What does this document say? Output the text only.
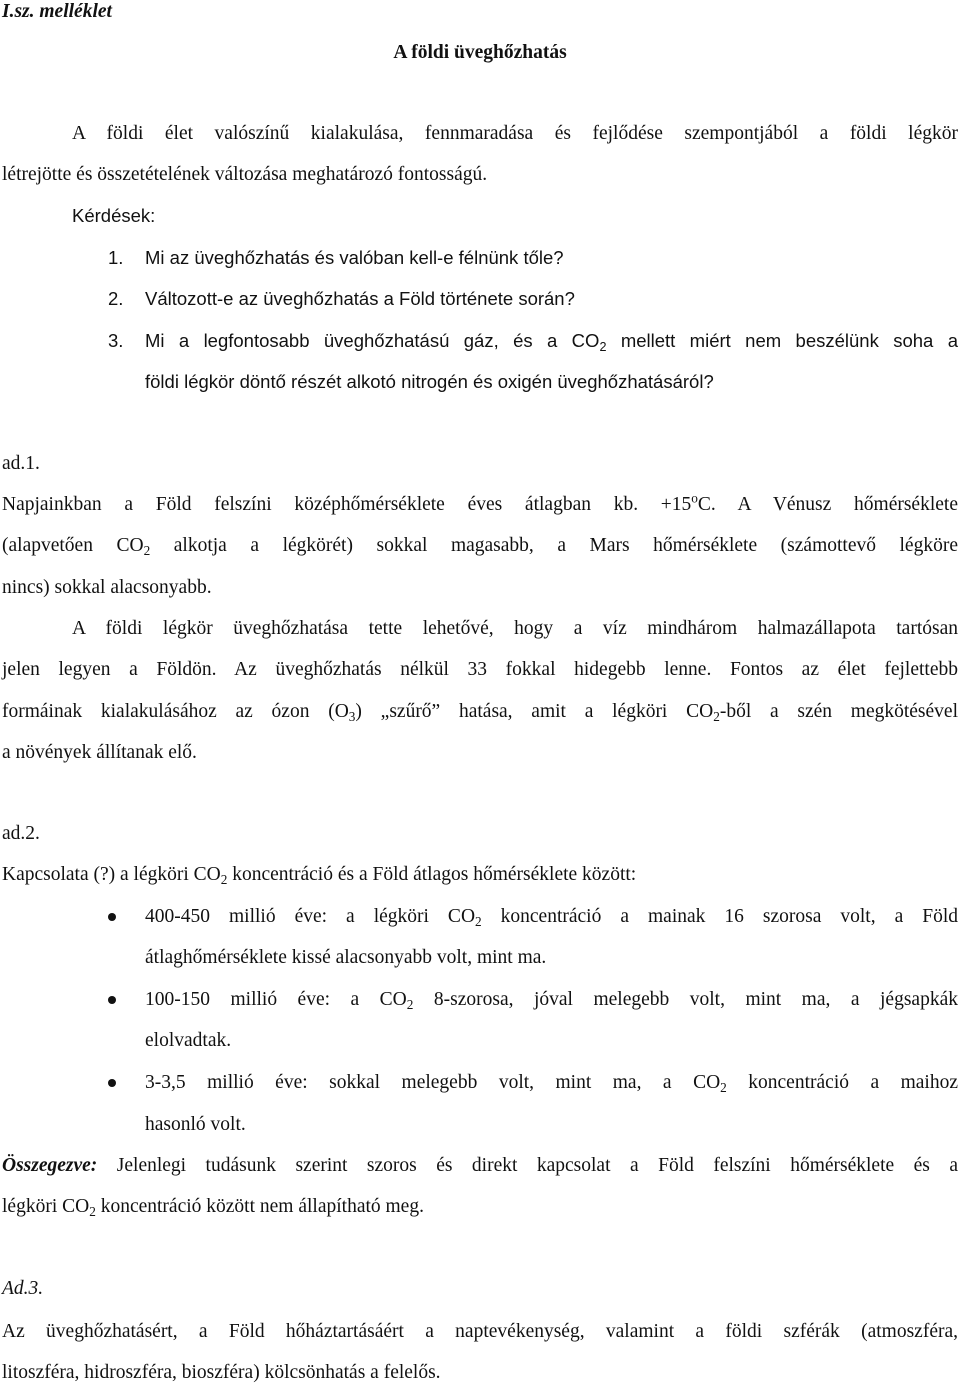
I.sz. melléklet
A földi üveghőzhatás
A földi élet valószínű kialakulása, fennmaradása és fejlődése szempontjából a földi légkör
létrejötte és összetételének változása meghatározó fontosságú.
Kérdések:
1. Mi az üveghőzhatás és valóban kell-e félnünk tőle?
2. Változott-e az üveghőzhatás a Föld története során?
3. Mi a legfontosabb üveghőzhatású gáz, és a $CO_2$ mellett miért nem beszélünk soha a
földi légkör döntő részét alkotó nitrogén és oxigén üveghőzhatásáról?
ad.1.
Napjainkban a Föld felszíni középhőmérséklete éves átlagban kb. $+15^oC$. A Vénusz hőmérséklete
(alapvetően $CO_2$ alkotja a légkörét) sokkal magasabb, a Mars hőmérséklete (számottevő légköre
nincs) sokkal alacsonyabb.
A földi légkör üveghőzhatása tette lehetővé, hogy a víz mindhárom halmazállapota tartósan
jelen legyen a Földön. Az üveghőzhatás nélkül 33 fokkal hidegebb lenne. Fontos az élet fejlettebb
formáinak kialakulásához az ózon $(O_3)$ „szűrő” hatása, amit a légköri $CO_2$-ből a szén megkötésével
a növények állítanak elő.
ad.2.
Kapcsolata (?) a légköri $CO_2$ koncentráció és a Föld átlagos hőmérséklete között:
400-450 millió éve: a légköri $CO_2$ koncentráció a mainak 16 szorosa volt, a Föld
átlaghőmérséklete kissé alacsonyabb volt, mint ma.
100-150 millió éve: a $CO_2$ 8-szorosa, jóval melegebb volt, mint ma, a jégsapkák
elolvadtak.
3-3,5 millió éve: sokkal melegebb volt, mint ma, a $CO_2$ koncentráció a maihoz
hasonló volt.
Összegezve: Jelenlegi tudásunk szerint szoros és direkt kapcsolat a Föld felszíni hőmérséklete és a
légköri $CO_2$ koncentráció között nem állapítható meg.
Ad.3.
Az üveghőzhatásért, a Föld hőháztartásáért a naptevékenység, valamint a földi szférák (atmoszféra,
litoszféra, hidroszféra, bioszféra) kölcsönhatás a felelős.
